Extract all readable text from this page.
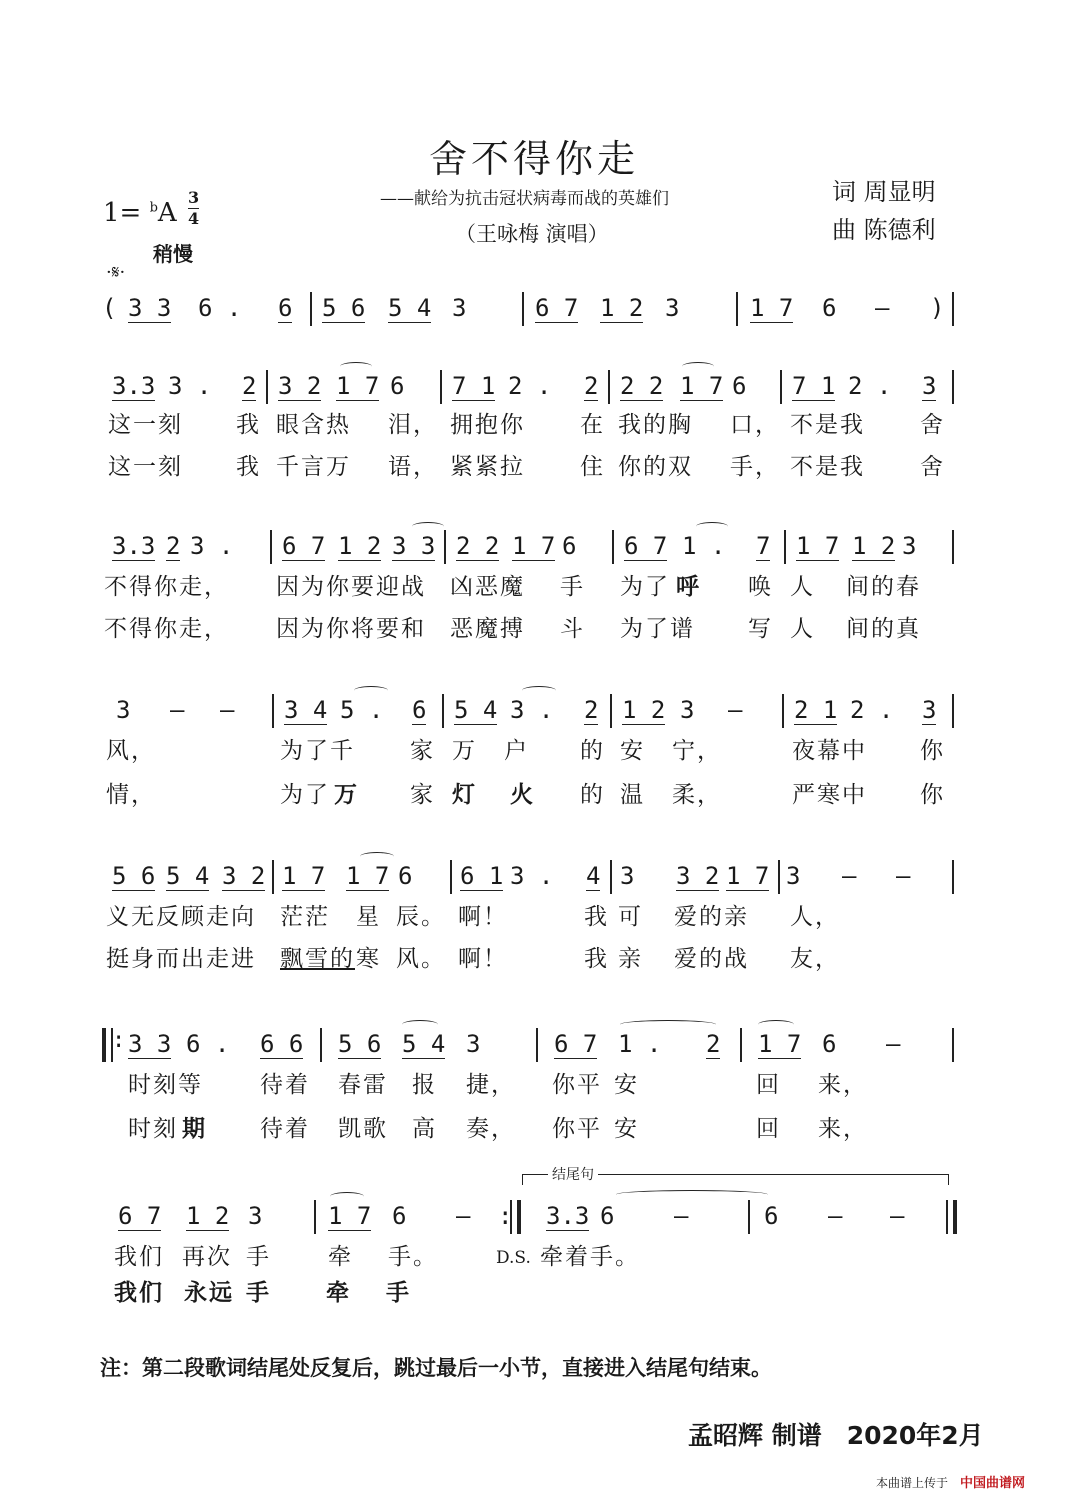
舍不得你走
——献给为抗击冠状病毒而战的英雄们
（王咏梅 演唱）
词 周显明
曲 陈德利
1= $^b$A
3
4
稍慢
·𝄋·
( 3 3 6 . 6 5 6 5 4 3	6 7 1 2 3	1 7 6 – )
3.3 3 . 2 3 2 1 7 6 7 1 2 . 2 2 2 1 7 6 7 1 2 . 3
这一刻 我 眼含热 泪， 拥抱你 在 我的胸 口， 不是我 舍
这一刻 我 千言万 语， 紧紧拉 住 你的双 手， 不是我 舍
3.3 2 3 . 6 7 1 2 3 3 2 2 1 7 6 6 7 1 . 7 1 7 1 2 3
不得你走， 因为你要迎战 凶恶魔 手 为了 呼 唤 人 间的春
不得你走， 因为你将要和 恶魔搏 斗 为了谱 写 人 间的真
3 – – 3 4 5 . 6 5 4 3 . 2 1 2 3 – 2 1 2 . 3
风，	为了千 家 万 户 的 安 宁，	夜幕中 你
情，	为了 万 家 灯 火 的 温 柔，	严寒中 你
5 6 5 4 3 2 1 7 1 7 6 6 1 3 . 4 3 3 2 1 7 3 – –
义无反顾走向 茫茫 星 辰。 啊！	我 可 爱的亲 人，
挺身而出走进 飘雪的 寒 风。 啊！	我 亲 爱的战 友，
: 3 3 6 . 6 6 5 6 5 4 3	6 7 1 . 2 1 7 6 –
时刻等 待着 春雷 报 捷， 你平 安	回 来，
时刻 期 待着 凯歌 高 奏， 你平 安	回 来，
结尾句
6 7 1 2 3	1 7 6 – : 3.3 6 –	6 – –
我们 再次 手 牵 手。	牵着手。
D.S.
我们 永远 手 牵 手
注：第二段歌词结尾处反复后，跳过最后一小节，直接进入结尾句结束。
孟昭辉 制谱　2020年2月
本曲谱上传于 中国曲谱网
